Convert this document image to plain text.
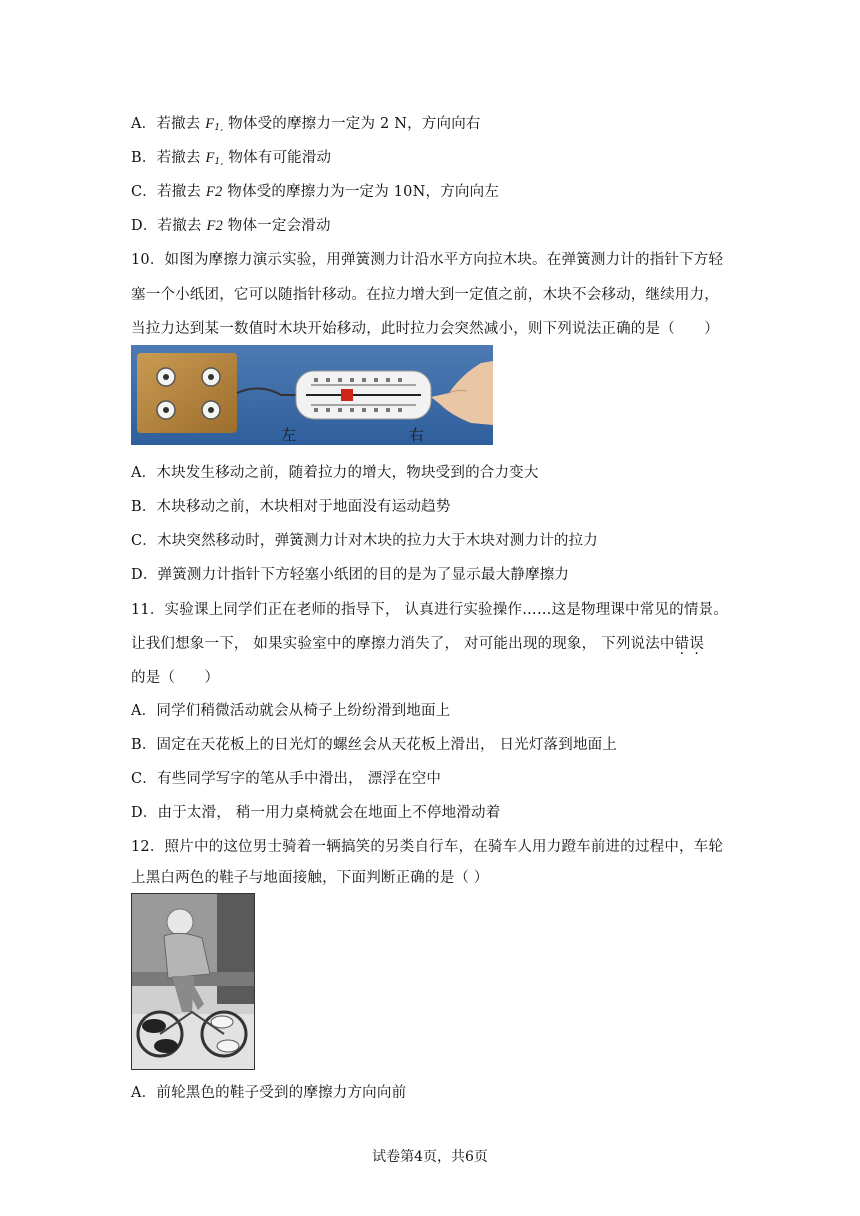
A．若撤去 $F_{1,}$ 物体受的摩擦力一定为 2 N，方向向右
B．若撤去 $F_{1,}$ 物体有可能滑动
C．若撤去 F2 物体受的摩擦力为一定为 10N，方向向左
D．若撤去 F2 物体一定会滑动
10．如图为摩擦力演示实验，用弹簧测力计沿水平方向拉木块。在弹簧测力计的指针下方轻
塞一个小纸团，它可以随指针移动。在拉力增大到一定值之前，木块不会移动，继续用力，
当拉力达到某一数值时木块开始移动，此时拉力会突然减小，则下列说法正确的是（　　）
左	右
A．木块发生移动之前，随着拉力的增大，物块受到的合力变大
B．木块移动之前，木块相对于地面没有运动趋势
C．木块突然移动时，弹簧测力计对木块的拉力大于木块对测力计的拉力
D．弹簧测力计指针下方轻塞小纸团的目的是为了显示最大静摩擦力
11．实验课上同学们正在老师的指导下， 认真进行实验操作……这是物理课中常见的情景。
让我们想象一下， 如果实验室中的摩擦力消失了， 对可能出现的现象， 下列说法中错误
的是（　　）
A．同学们稍微活动就会从椅子上纷纷滑到地面上
B．固定在天花板上的日光灯的螺丝会从天花板上滑出， 日光灯落到地面上
C．有些同学写字的笔从手中滑出， 漂浮在空中
D．由于太滑， 稍一用力桌椅就会在地面上不停地滑动着
12．照片中的这位男士骑着一辆搞笑的另类自行车，在骑车人用力蹬车前进的过程中，车轮
上黑白两色的鞋子与地面接触，下面判断正确的是（ ）
A．前轮黑色的鞋子受到的摩擦力方向向前
试卷第4页，共6页
